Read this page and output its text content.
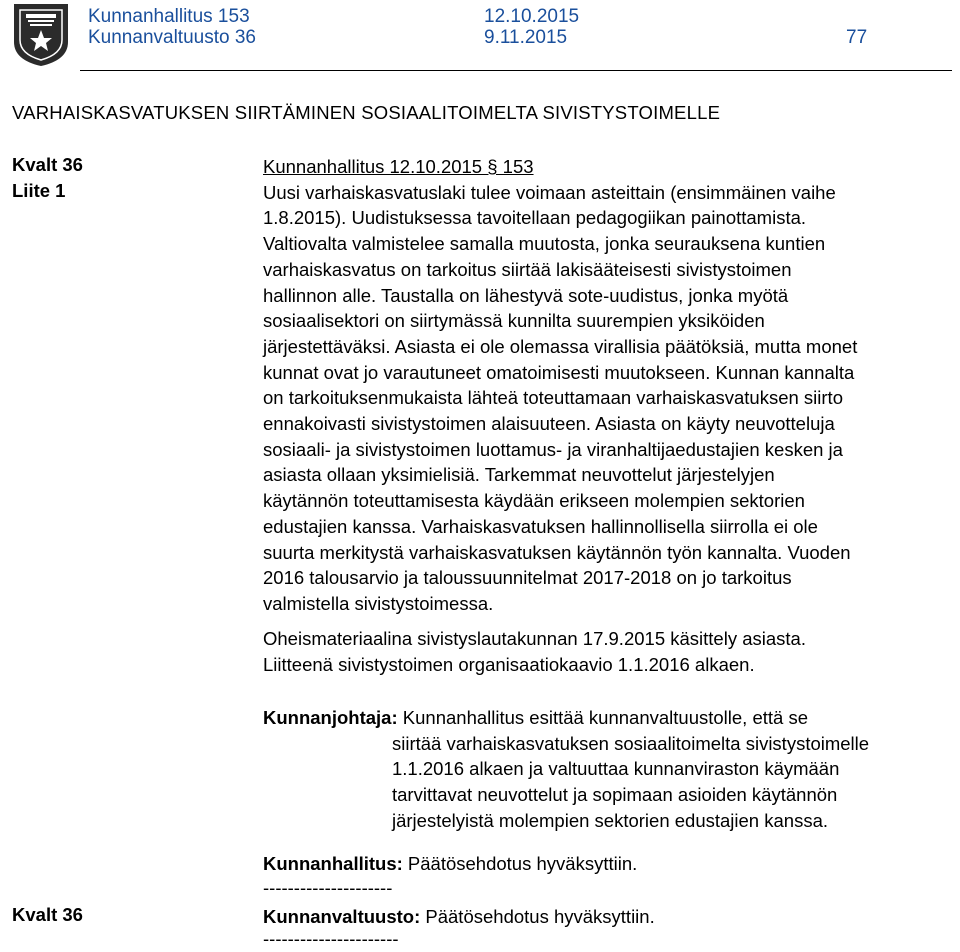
Kunnanhallitus 153	12.10.2015
Kunnanvaltuusto 36	9.11.2015	77
VARHAISKASVATUKSEN SIIRTÄMINEN SOSIAALITOIMELTA SIVISTYSTOIMELLE
Kvalt 36
Liite 1
Kunnanhallitus 12.10.2015 § 153
Uusi varhaiskasvatuslaki tulee voimaan asteittain (ensimmäinen vaihe
1.8.2015). Uudistuksessa tavoitellaan pedagogiikan painottamista.
Valtiovalta valmistelee samalla muutosta, jonka seurauksena kuntien
varhaiskasvatus on tarkoitus siirtää lakisääteisesti sivistystoimen
hallinnon alle. Taustalla on lähestyvä sote-uudistus, jonka myötä
sosiaalisektori on siirtymässä kunnilta suurempien yksiköiden
järjestettäväksi. Asiasta ei ole olemassa virallisia päätöksiä, mutta monet
kunnat ovat jo varautuneet omatoimisesti muutokseen. Kunnan kannalta
on tarkoituksenmukaista lähteä toteuttamaan varhaiskasvatuksen siirto
ennakoivasti sivistystoimen alaisuuteen. Asiasta on käyty neuvotteluja
sosiaali- ja sivistystoimen luottamus- ja viranhaltijaedustajien kesken ja
asiasta ollaan yksimielisiä. Tarkemmat neuvottelut järjestelyjen
käytännön toteuttamisesta käydään erikseen molempien sektorien
edustajien kanssa. Varhaiskasvatuksen hallinnollisella siirrolla ei ole
suurta merkitystä varhaiskasvatuksen käytännön työn kannalta. Vuoden
2016 talousarvio ja taloussuunnitelmat 2017-2018 on jo tarkoitus
valmistella sivistystoimessa.
Oheismateriaalina sivistyslautakunnan 17.9.2015 käsittely asiasta.
Liitteenä sivistystoimen organisaatiokaavio 1.1.2016 alkaen.
Kunnanjohtaja: Kunnanhallitus esittää kunnanvaltuustolle, että se
siirtää varhaiskasvatuksen sosiaalitoimelta sivistystoimelle
1.1.2016 alkaen ja valtuuttaa kunnanviraston käymään
tarvittavat neuvottelut ja sopimaan asioiden käytännön
järjestelyistä molempien sektorien edustajien kanssa.
Kunnanhallitus: Päätösehdotus hyväksyttiin.
---------------------
Kvalt 36	Kunnanvaltuusto: Päätösehdotus hyväksyttiin.
----------------------
